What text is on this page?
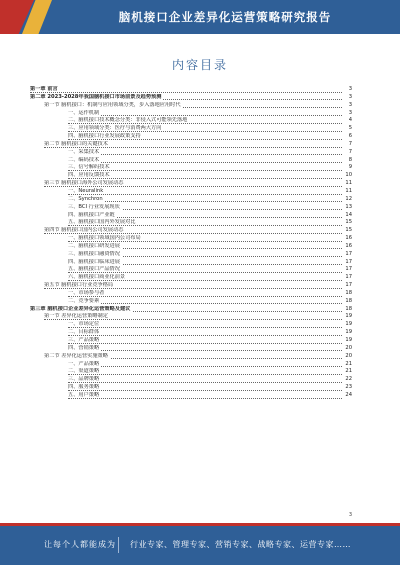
脑机接口企业差异化运营策略研究报告
内容目录
第一章 前言	3
第二章 2023-2028年我国脑机接口市场前景及趋势预测	3
第一节 脑机接口：机制与应用领域分类，步入落地应用时代	3
一、运作机制	3
二、脑机接口技术概念分类：非侵入式可能领先落地	4
三、应用领域分类：医疗与消费两大方向	5
四、脑机接口行业发展政策支持	6
第二节 脑机接口的关键技术	7
一、采集技术	7
二、编码技术	8
三、信号解码技术	9
四、应用反馈技术	10
第三节 脑机接口海外公司发展动态	11
一、Neuralink	11
二、Synchron	12
三、BCI 行业发展现状	13
四、脑机接口产业链	14
五、脑机接口国内外发展对比	15
第四节 脑机接口国内公司发展动态	15
一、脑机接口领域国内公司布局	16
二、脑机接口研发进展	16
三、脑机接口融资情况	17
四、脑机接口临床进展	17
五、脑机接口产品情况	17
六、脑机接口商业化前景	17
第五节 脑机接口行业竞争格局	17
一、市场参与者	18
二、竞争要素	18
第三章 脑机接口企业差异化运营策略及建议	18
第一节 差异化运营策略制定	19
一、市场定位	19
二、目标群体	19
三、产品策略	19
四、营销策略	20
第二节 差异化运营实施策略	20
一、产品策略	21
二、渠道策略	21
三、品牌策略	22
四、服务策略	23
五、用户策略	24
3
让每个人都能成为 行业专家、管理专家、营销专家、战略专家、运营专家……
